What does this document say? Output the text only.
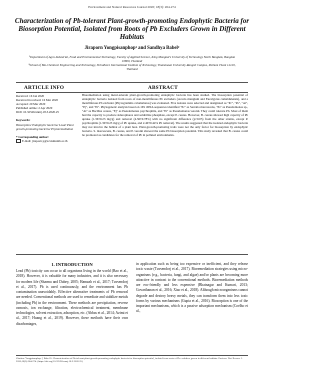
Environment and Natural Resources Journal 2020; 18(3): 264-274
Characterization of Pb-tolerant Plant-growth-promoting Endophytic Bacteria for Biosorption Potential, Isolated from Roots of Pb Excluders Grown in Different Habitats
Jiraporn Yongpisanphop¹ and Sandhya Babel²

¹Department of Agro-Industrial, Food and Environmental Technology, Faculty of Applied Science, King Mongkut's University of Technology North Bangkok, Bangkok 10800, Thailand

²School of Bio-Chemical Engineering and Technology, Sirindhorn International Institute of Technology, Thammasat University-Rangsit Campus, Pathum Thani 12120, Thailand

ARTICLE INFO	ABSTRACT
Received: 16 Jan 2020
Received in revised: 16 Mar 2020
Accepted: 20 Mar 2020
Published online: 2 Apr 2020
DOI: 10.32526/ennrj.18.3.2020.25
Keywords:
Biosorption/ Endophytic bacteria/ Lead/ Plant growth-promoting bacteria/ Phytoremediation
* Corresponding author:
E-mail: jiraporn.y@sci.kmutnb.ac.th

Bioremediation using metal-tolerant plant-growth-promoting endophytic bacteria has been studied. The biosorption potential of endophytic bacteria isolated from roots of non-metalliferous Pb excluders (Acacia mangium and Eucalyptus camaldulensis), and a metalliferous Pb excluder (Pityrogramma calomelanos) was evaluated. Five isolates were selected and designated as "Pc", "Ps", "Ai", "Ej", and "Pi". Phylogenetic analysis based on 16S rDNA sequences identified "Pc" as Serratia marcescens, "Ps" as Pseudomonas sp., "Ai" as Bacillus cereus, "Ej" as Pseudomonas psychrophila, and "Pi" as Pseudomonas veronii. They could tolerate Pb. Most of them had the capacity to produce siderophores and solubilize phosphate, except P. cereus. However, B. cereus showed high capacity of Pb uptake (1.36±0.23 mg/g) and removal (4.36±0.78%) with no significant difference (p>0.05) from the other strains, except P. psychrophila (1.30±0.23 mg/g of Pb uptake, and 2.40±0.44% Pb removal). The results suggested that the isolated endophytic bacteria may not involve the habitat of a plant host. Plant-growth-promoting traits were not the only factor for biosorption by endophytic bacteria. S. marcescens, B. cereus, and P. veronii showed the same Pb biosorption potential. This study revealed that B. cereus could be promoted as candidates for the removal of Pb in polluted environments.

1. INTRODUCTION

Lead (Pb) toxicity can occur to all organisms living in the world (Bao et al., 2018). However, it is valuable for many industries, and it is also necessary for modern life (Sharma and Dubey, 2005; Hamzah et al., 2017; Tuvsendorj et al., 2017). Pb is used continuously, and the environment has Pb contamination unavoidably. Effective alternative treatments of Pb removal are needed. Conventional methods are used to remediate and stabilize metals (including Pb) in the environment. These methods are precipitation, reverse osmosis, ion exchange, filtration, electrochemical treatment, membrane technologies, solvent extraction, adsorption, etc. (Abbas et al., 2014; Azimi et al., 2017; Huang et al., 2019). However, these methods have their own disadvantages,

in application such as being too expensive or inefficient, and they release toxic waste (Tuvsendorj et al., 2017). Bioremediation strategies using micro-organisms (e.g., bacteria, fungi, and algae) and/or plants are becoming more attractive in contrast to the conventional methods. Bioremediation methods are eco-friendly and less expensive (Bhatnagar and Kumari, 2013; Govarthanan et al., 2016; Xiao et al., 2018). Although microorganisms cannot degrade and destroy heavy metals, they can transform them into less toxic forms by various mechanisms (Gupta et al., 2016). Biosorption is one of the important mechanisms, which is a passive adsorption mechanism (Coelho et al.,

Citation: Yongpisanphop J, Babel S. Characterization of Pb-tolerant plant-growth-promoting endophytic bacteria for biosorption potential, isolated from roots of Pb excluders grown in different habitats. Environ. Nat. Resour. J. 2020;18(3):264-274. (https://doi.org/10.32526/ennrj.18.3.2020.25)
